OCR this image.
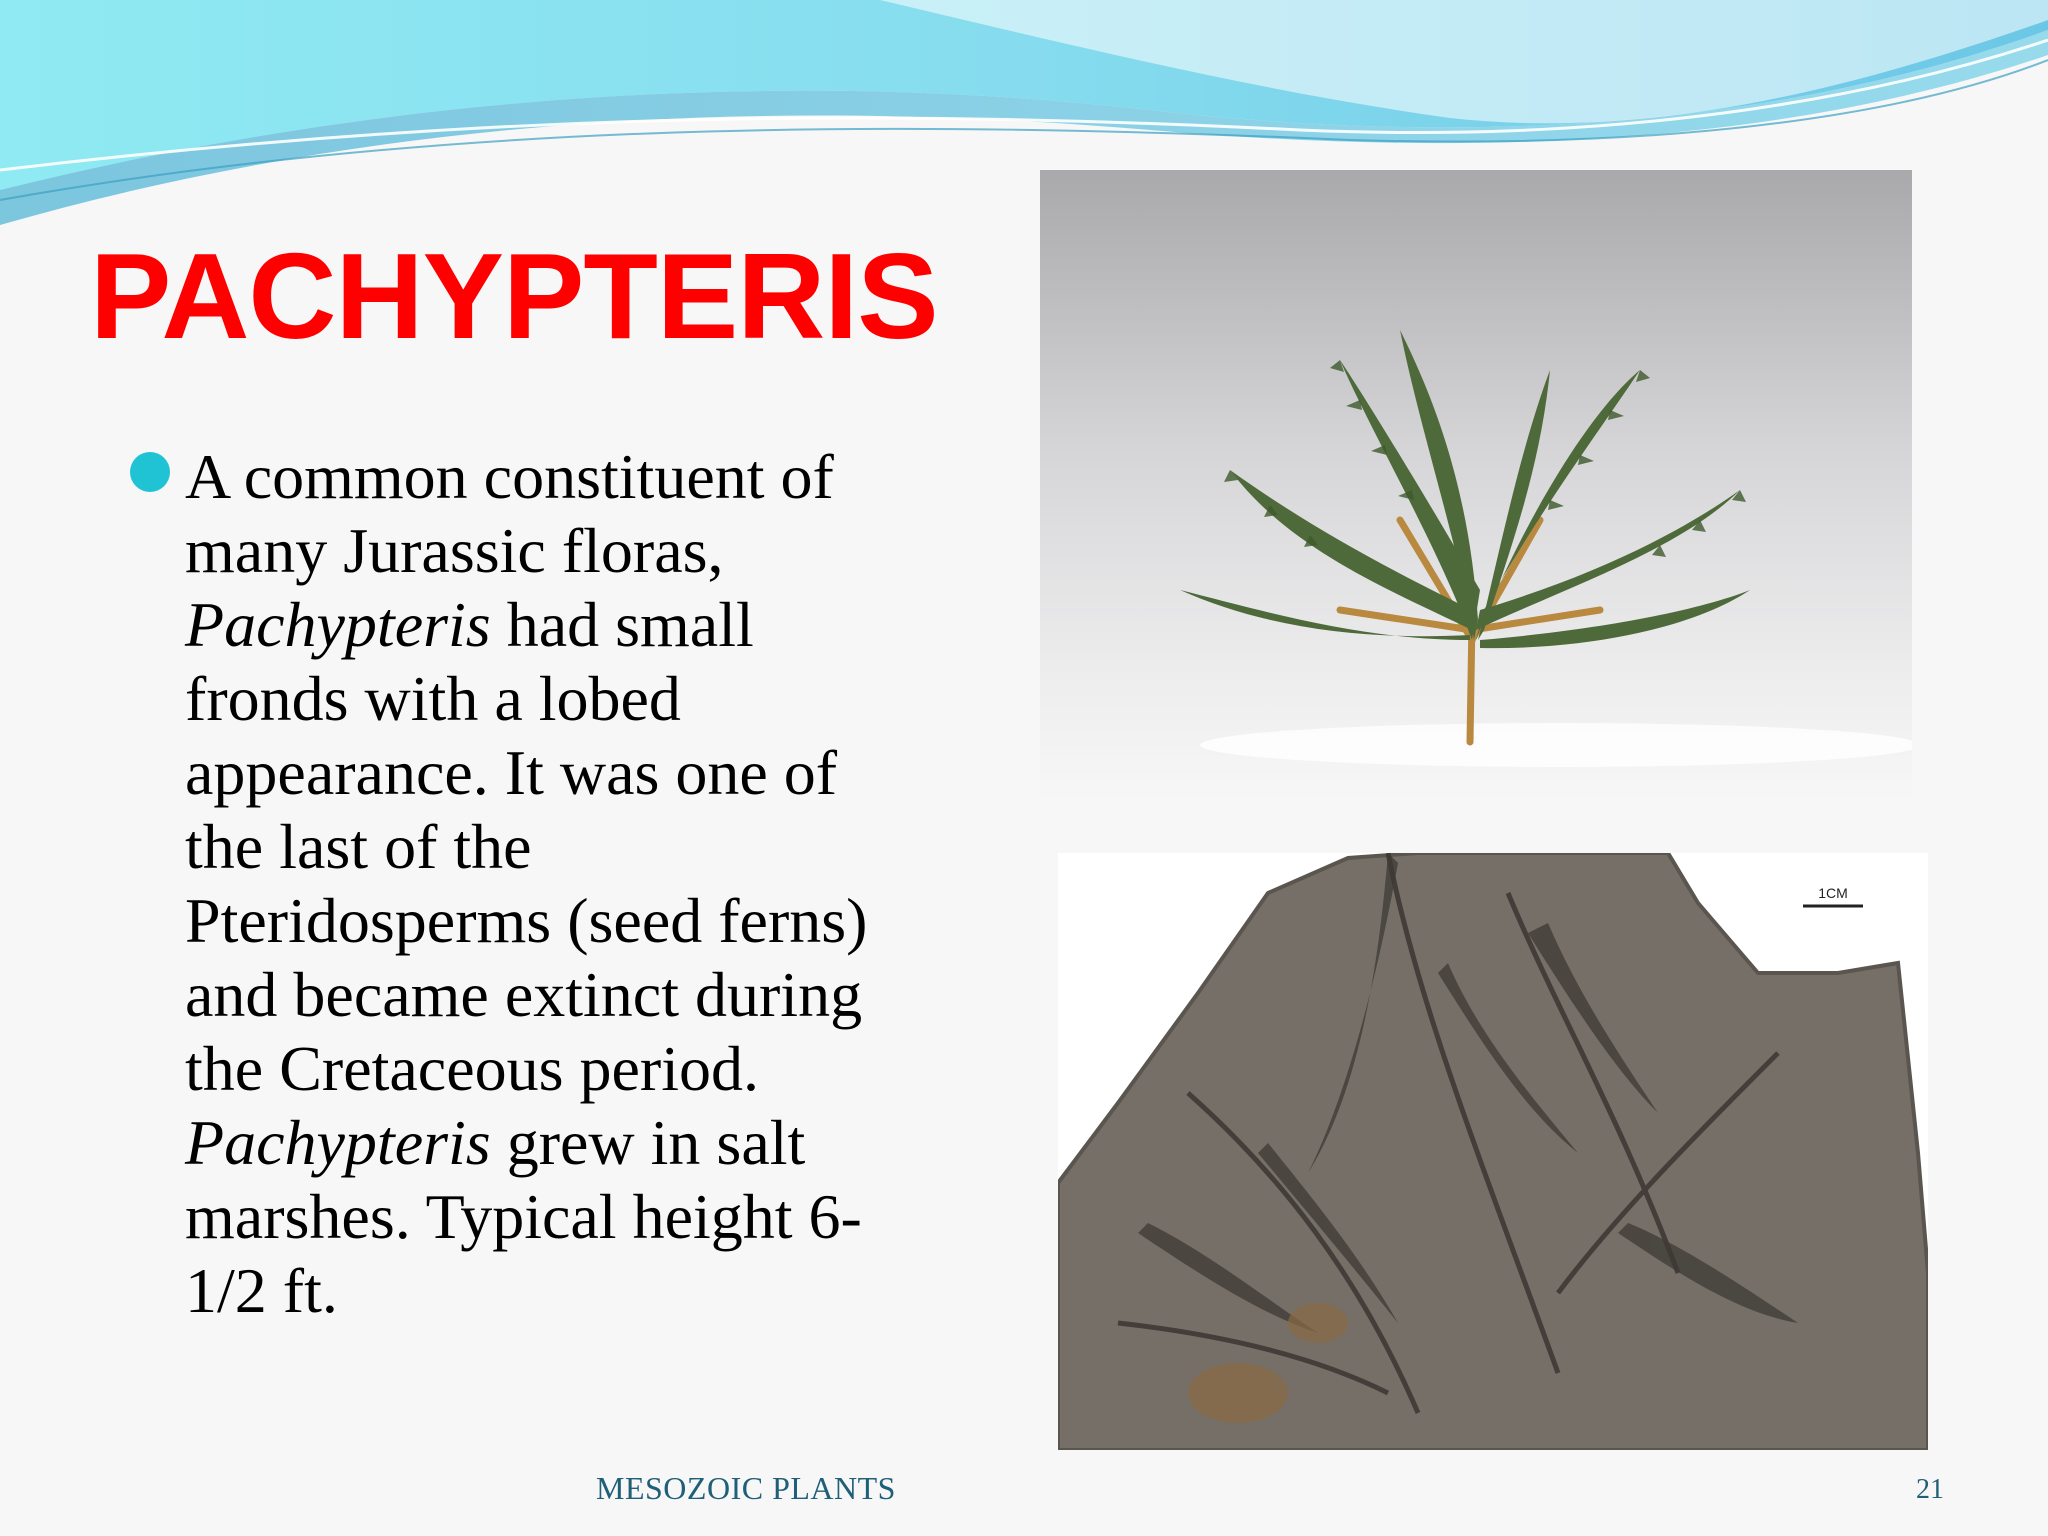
PACHYPTERIS
A common constituent of
many Jurassic floras,
Pachypteris had small
fronds with a lobed
appearance. It was one of
the last of the
Pteridosperms (seed ferns)
and became extinct during
the Cretaceous period.
Pachypteris grew in salt
marshes. Typical height 6-
1/2 ft.
1CM
MESOZOIC PLANTS	21
